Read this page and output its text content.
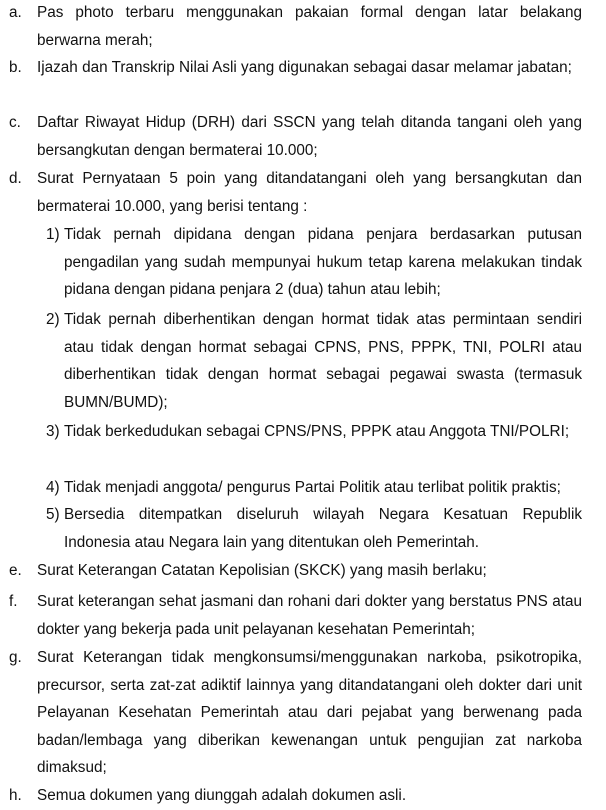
a. Pas photo terbaru menggunakan pakaian formal dengan latar belakang berwarna merah;
b. Ijazah dan Transkrip Nilai Asli yang digunakan sebagai dasar melamar jabatan;
c. Daftar Riwayat Hidup (DRH) dari SSCN yang telah ditanda tangani oleh yang bersangkutan dengan bermaterai 10.000;
d. Surat Pernyataan 5 poin yang ditandatangani oleh yang bersangkutan dan bermaterai 10.000, yang berisi tentang :
1) Tidak pernah dipidana dengan pidana penjara berdasarkan putusan pengadilan yang sudah mempunyai hukum tetap karena melakukan tindak pidana dengan pidana penjara 2 (dua) tahun atau lebih;
2) Tidak pernah diberhentikan dengan hormat tidak atas permintaan sendiri atau tidak dengan hormat sebagai CPNS, PNS, PPPK, TNI, POLRI atau diberhentikan tidak dengan hormat sebagai pegawai swasta (termasuk BUMN/BUMD);
3) Tidak berkedudukan sebagai CPNS/PNS, PPPK atau Anggota TNI/POLRI;
4) Tidak menjadi anggota/ pengurus Partai Politik atau terlibat politik praktis;
5) Bersedia ditempatkan diseluruh wilayah Negara Kesatuan Republik Indonesia atau Negara lain yang ditentukan oleh Pemerintah.
e. Surat Keterangan Catatan Kepolisian (SKCK) yang masih berlaku;
f. Surat keterangan sehat jasmani dan rohani dari dokter yang berstatus PNS atau dokter yang bekerja pada unit pelayanan kesehatan Pemerintah;
g. Surat Keterangan tidak mengkonsumsi/menggunakan narkoba, psikotropika, precursor, serta zat-zat adiktif lainnya yang ditandatangani oleh dokter dari unit Pelayanan Kesehatan Pemerintah atau dari pejabat yang berwenang pada badan/lembaga yang diberikan kewenangan untuk pengujian zat narkoba dimaksud;
h. Semua dokumen yang diunggah adalah dokumen asli.
